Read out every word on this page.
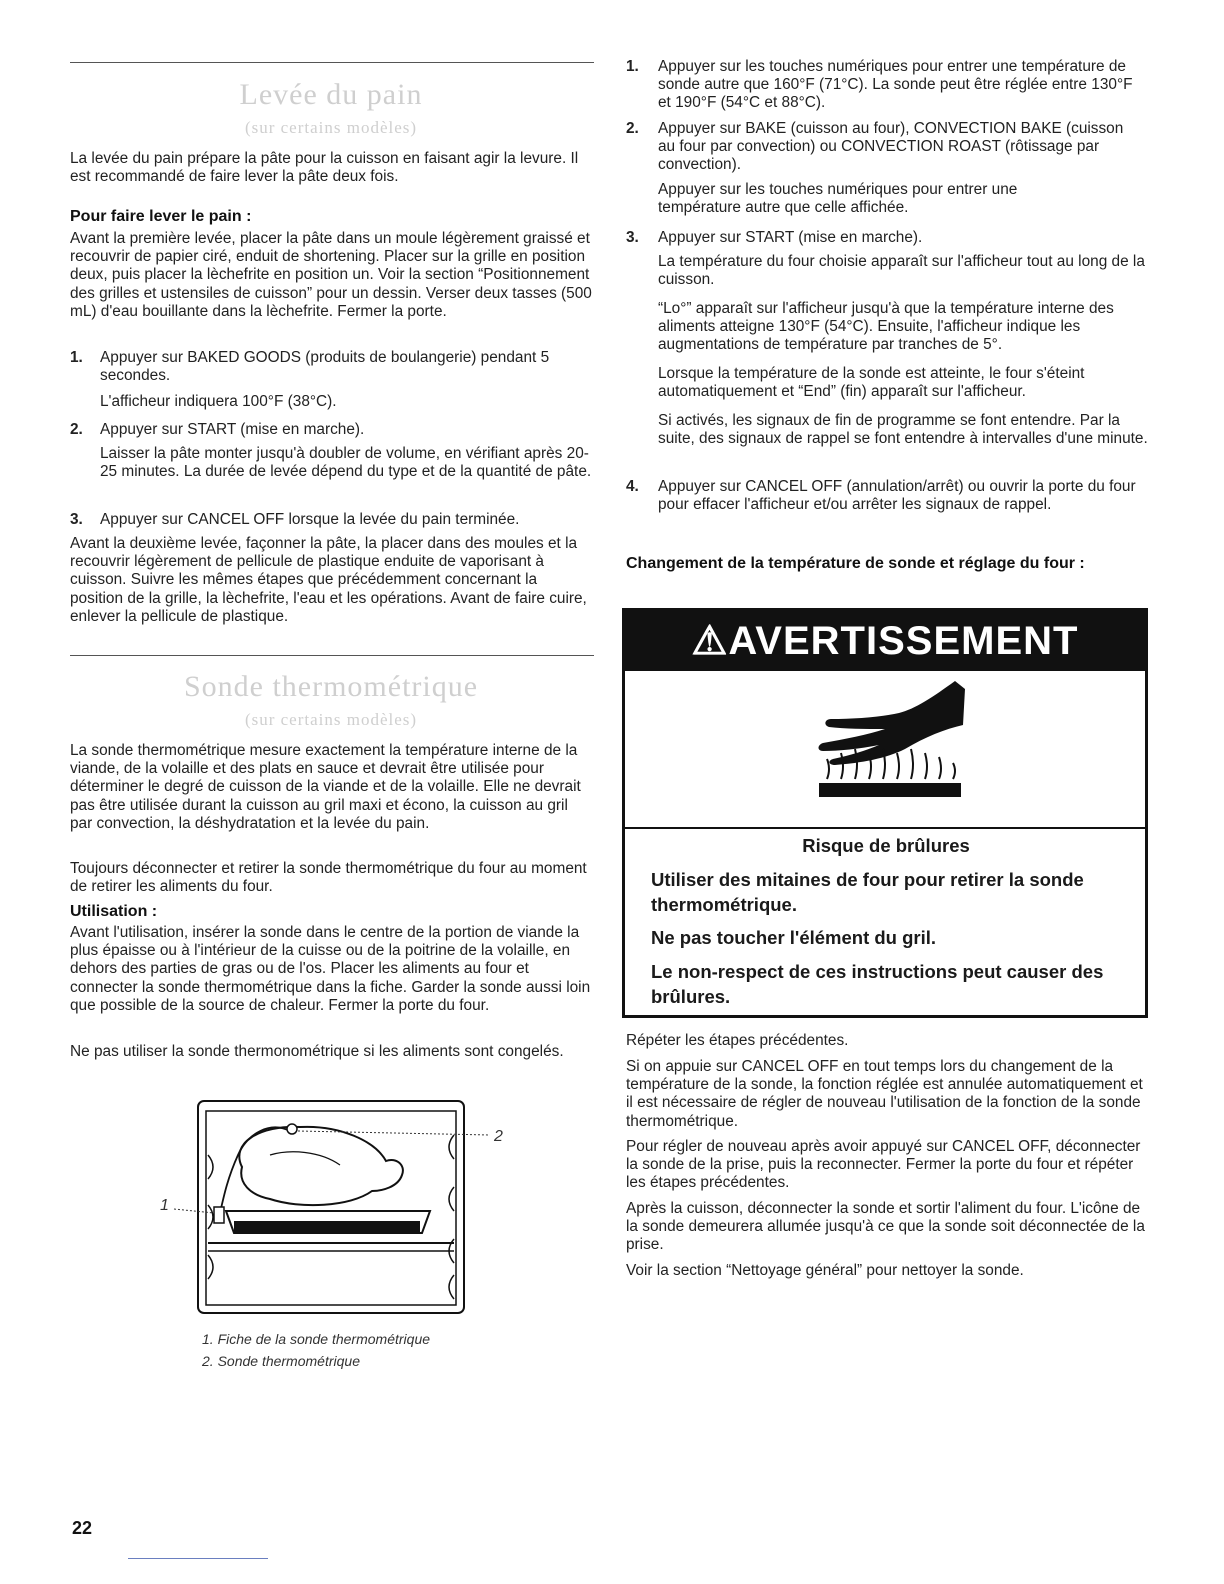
Levée du pain
(sur certains modèles)

La levée du pain prépare la pâte pour la cuisson en faisant agir la levure. Il est recommandé de faire lever la pâte deux fois.

Pour faire lever le pain :

Avant la première levée, placer la pâte dans un moule légèrement graissé et recouvrir de papier ciré, enduit de shortening. Placer sur la grille en position deux, puis placer la lèchefrite en position un. Voir la section “Positionnement des grilles et ustensiles de cuisson” pour un dessin. Verser deux tasses (500 mL) d'eau bouillante dans la lèchefrite. Fermer la porte.

1. Appuyer sur BAKED GOODS (produits de boulangerie) pendant 5 secondes.

L'afficheur indiquera 100°F (38°C).

2. Appuyer sur START (mise en marche).

Laisser la pâte monter jusqu'à doubler de volume, en vérifiant après 20-25 minutes. La durée de levée dépend du type et de la quantité de pâte.

3. Appuyer sur CANCEL OFF lorsque la levée du pain terminée.

Avant la deuxième levée, façonner la pâte, la placer dans des moules et la recouvrir légèrement de pellicule de plastique enduite de vaporisant à cuisson. Suivre les mêmes étapes que précédemment concernant la position de la grille, la lèchefrite, l'eau et les opérations. Avant de faire cuire, enlever la pellicule de plastique.

Sonde thermométrique
(sur certains modèles)

La sonde thermométrique mesure exactement la température interne de la viande, de la volaille et des plats en sauce et devrait être utilisée pour déterminer le degré de cuisson de la viande et de la volaille. Elle ne devrait pas être utilisée durant la cuisson au gril maxi et écono, la cuisson au gril par convection, la déshydratation et la levée du pain.

Toujours déconnecter et retirer la sonde thermométrique du four au moment de retirer les aliments du four.

Utilisation :

Avant l'utilisation, insérer la sonde dans le centre de la portion de viande la plus épaisse ou à l'intérieur de la cuisse ou de la poitrine de la volaille, en dehors des parties de gras ou de l'os. Placer les aliments au four et connecter la sonde thermométrique dans la fiche. Garder la sonde aussi loin que possible de la source de chaleur. Fermer la porte du four.

Ne pas utiliser la sonde thermonométrique si les aliments sont congelés.

1
2
1. Fiche de la sonde thermométrique
2. Sonde thermométrique
22
1. Appuyer sur les touches numériques pour entrer une température de sonde autre que 160°F (71°C). La sonde peut être réglée entre 130°F et 190°F (54°C et 88°C).

2. Appuyer sur BAKE (cuisson au four), CONVECTION BAKE (cuisson au four par convection) ou CONVECTION ROAST (rôtissage par convection).

Appuyer sur les touches numériques pour entrer une température autre que celle affichée.

3. Appuyer sur START (mise en marche).

La température du four choisie apparaît sur l'afficheur tout au long de la cuisson.

“Lo°” apparaît sur l'afficheur jusqu'à que la température interne des aliments atteigne 130°F (54°C). Ensuite, l'afficheur indique les augmentations de température par tranches de 5°.

Lorsque la température de la sonde est atteinte, le four s'éteint automatiquement et “End” (fin) apparaît sur l'afficheur.

Si activés, les signaux de fin de programme se font entendre. Par la suite, des signaux de rappel se font entendre à intervalles d'une minute.

4. Appuyer sur CANCEL OFF (annulation/arrêt) ou ouvrir la porte du four pour effacer l'afficheur et/ou arrêter les signaux de rappel.

Changement de la température de sonde et réglage du four :

⚠AVERTISSEMENT
Risque de brûlures
Utiliser des mitaines de four pour retirer la sonde thermométrique.
Ne pas toucher l'élément du gril.
Le non-respect de ces instructions peut causer des brûlures.

Répéter les étapes précédentes.

Si on appuie sur CANCEL OFF en tout temps lors du changement de la température de la sonde, la fonction réglée est annulée automatiquement et il est nécessaire de régler de nouveau l'utilisation de la fonction de la sonde thermométrique.

Pour régler de nouveau après avoir appuyé sur CANCEL OFF, déconnecter la sonde de la prise, puis la reconnecter. Fermer la porte du four et répéter les étapes précédentes.

Après la cuisson, déconnecter la sonde et sortir l'aliment du four. L'icône de la sonde demeurera allumée jusqu'à ce que la sonde soit déconnectée de la prise.

Voir la section “Nettoyage général” pour nettoyer la sonde.
